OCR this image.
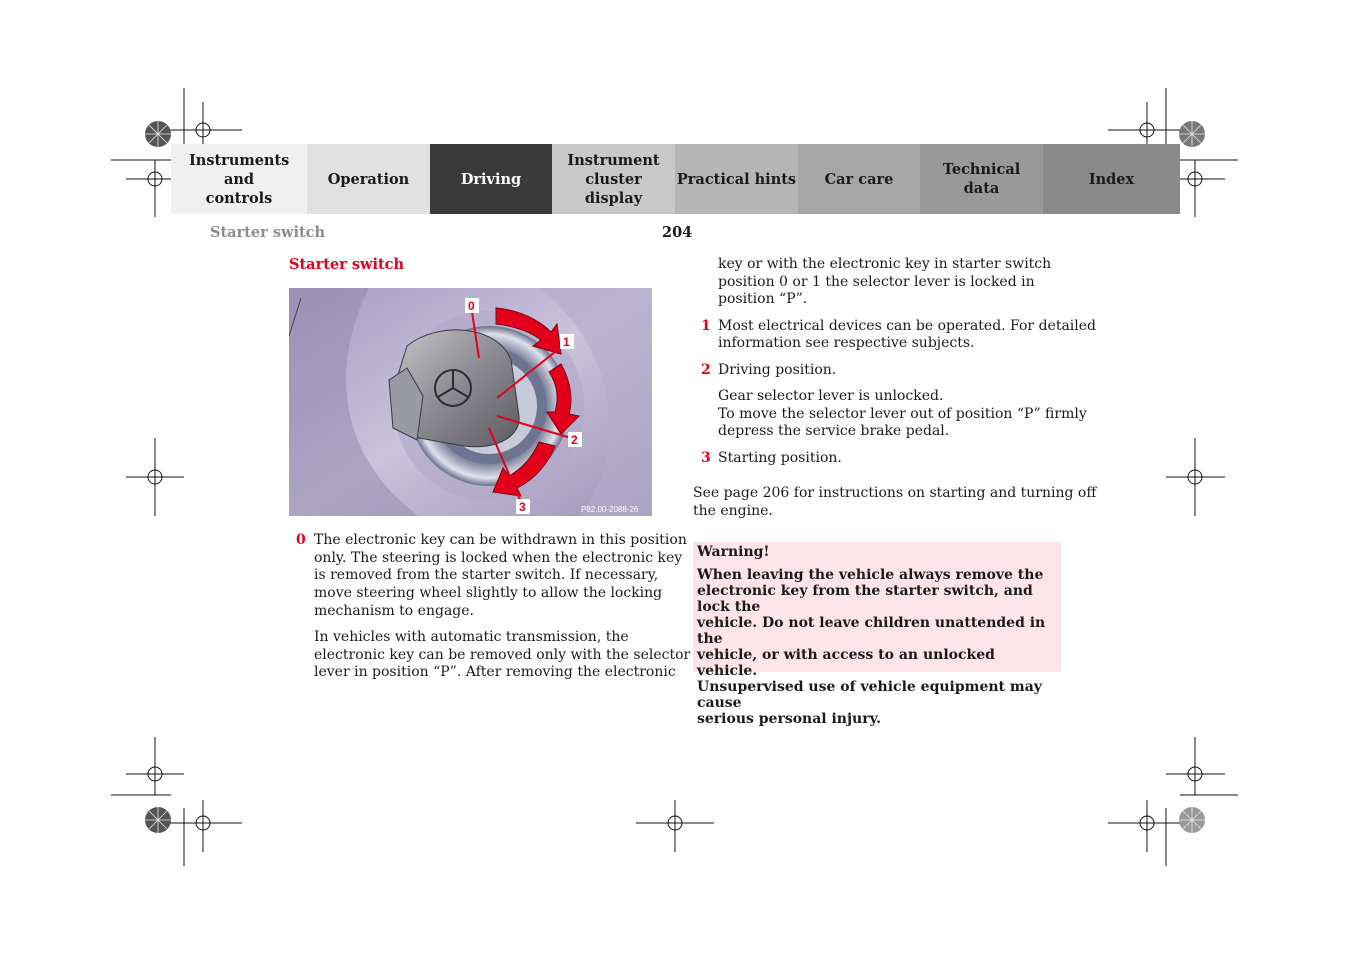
Instruments and controls
Operation	Driving
Instrument cluster display
Practical hints Car care
Technical data
Index
Starter switch	204
Starter switch
0
1
2
3	P82.00-2088-26
0 The electronic key can be withdrawn in this position
only. The steering is locked when the electronic key
is removed from the starter switch. If necessary,
move steering wheel slightly to allow the locking
mechanism to engage.
In vehicles with automatic transmission, the
electronic key can be removed only with the selector
lever in position “P”. After removing the electronic
key or with the electronic key in starter switch
position 0 or 1 the selector lever is locked in
position “P”.
1 Most electrical devices can be operated. For detailed
information see respective subjects.
2 Driving position.
Gear selector lever is unlocked.
To move the selector lever out of position “P” firmly
depress the service brake pedal.
3 Starting position.
See page 206 for instructions on starting and turning off
the engine.
Warning!
When leaving the vehicle always remove the
electronic key from the starter switch, and lock the
vehicle. Do not leave children unattended in the
vehicle, or with access to an unlocked vehicle.
Unsupervised use of vehicle equipment may cause
serious personal injury.
